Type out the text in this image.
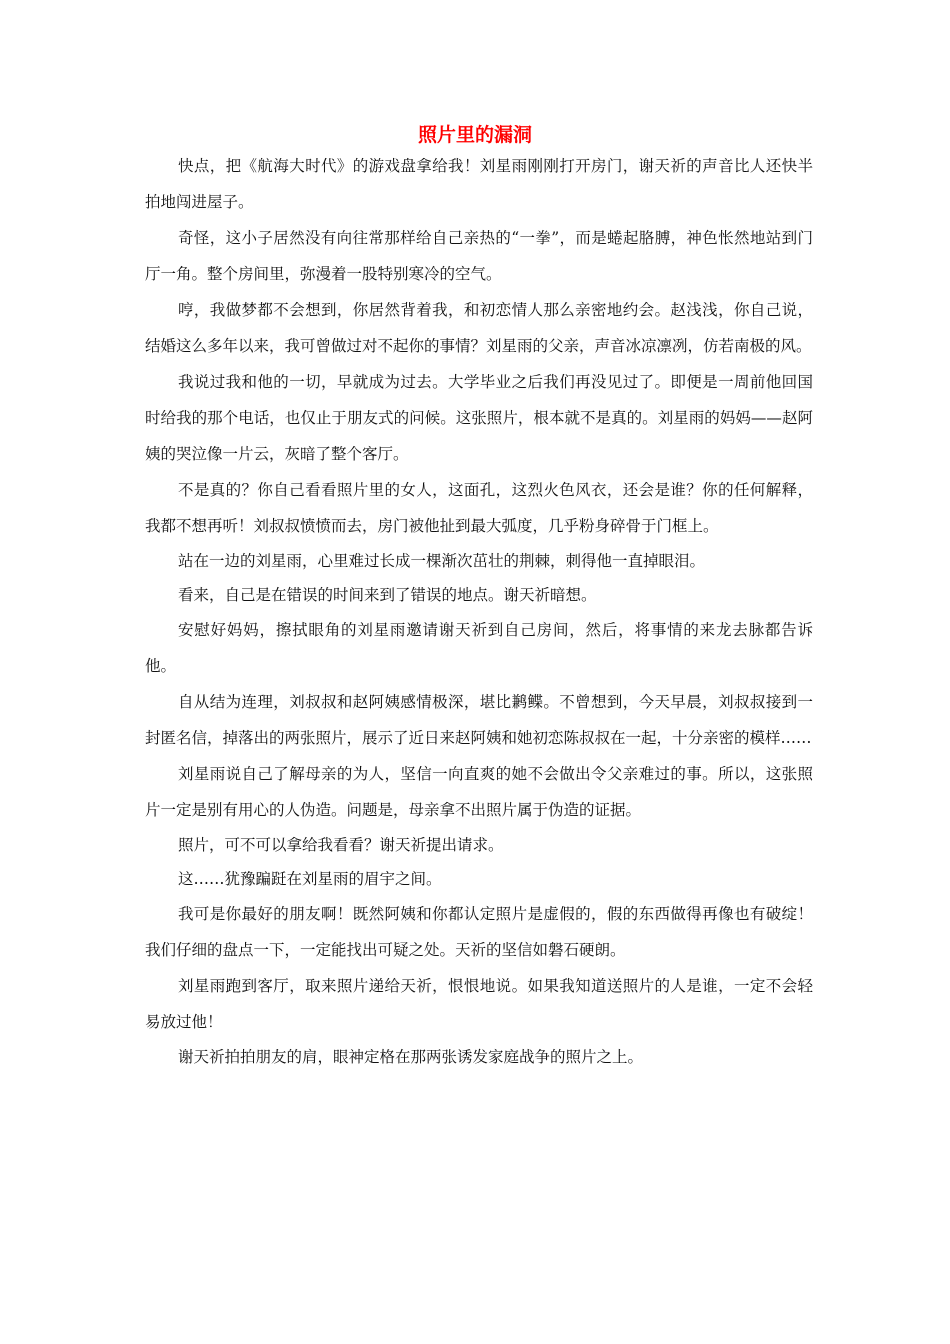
照片里的漏洞

快点，把《航海大时代》的游戏盘拿给我！刘星雨刚刚打开房门，谢天祈的声音比人还快半拍地闯进屋子。

奇怪，这小子居然没有向往常那样给自己亲热的“一拳”，而是蜷起胳膊，神色怅然地站到门厅一角。整个房间里，弥漫着一股特别寒冷的空气。

哼，我做梦都不会想到，你居然背着我，和初恋情人那么亲密地约会。赵浅浅，你自己说，结婚这么多年以来，我可曾做过对不起你的事情？刘星雨的父亲，声音冰凉凛冽，仿若南极的风。

我说过我和他的一切，早就成为过去。大学毕业之后我们再没见过了。即便是一周前他回国时给我的那个电话，也仅止于朋友式的问候。这张照片，根本就不是真的。刘星雨的妈妈——赵阿姨的哭泣像一片云，灰暗了整个客厅。

不是真的？你自己看看照片里的女人，这面孔，这烈火色风衣，还会是谁？你的任何解释，我都不想再听！刘叔叔愤愤而去，房门被他扯到最大弧度，几乎粉身碎骨于门框上。

站在一边的刘星雨，心里难过长成一棵渐次茁壮的荆棘，刺得他一直掉眼泪。

看来，自己是在错误的时间来到了错误的地点。谢天祈暗想。

安慰好妈妈，擦拭眼角的刘星雨邀请谢天祈到自己房间，然后，将事情的来龙去脉都告诉他。

自从结为连理，刘叔叔和赵阿姨感情极深，堪比鹣鲽。不曾想到，今天早晨，刘叔叔接到一封匿名信，掉落出的两张照片，展示了近日来赵阿姨和她初恋陈叔叔在一起，十分亲密的模样……

刘星雨说自己了解母亲的为人，坚信一向直爽的她不会做出令父亲难过的事。所以，这张照片一定是别有用心的人伪造。问题是，母亲拿不出照片属于伪造的证据。

照片，可不可以拿给我看看？谢天祈提出请求。

这……犹豫蹁跹在刘星雨的眉宇之间。

我可是你最好的朋友啊！既然阿姨和你都认定照片是虚假的，假的东西做得再像也有破绽！我们仔细的盘点一下，一定能找出可疑之处。天祈的坚信如磐石硬朗。

刘星雨跑到客厅，取来照片递给天祈，恨恨地说。如果我知道送照片的人是谁，一定不会轻易放过他！

谢天祈拍拍朋友的肩，眼神定格在那两张诱发家庭战争的照片之上。
